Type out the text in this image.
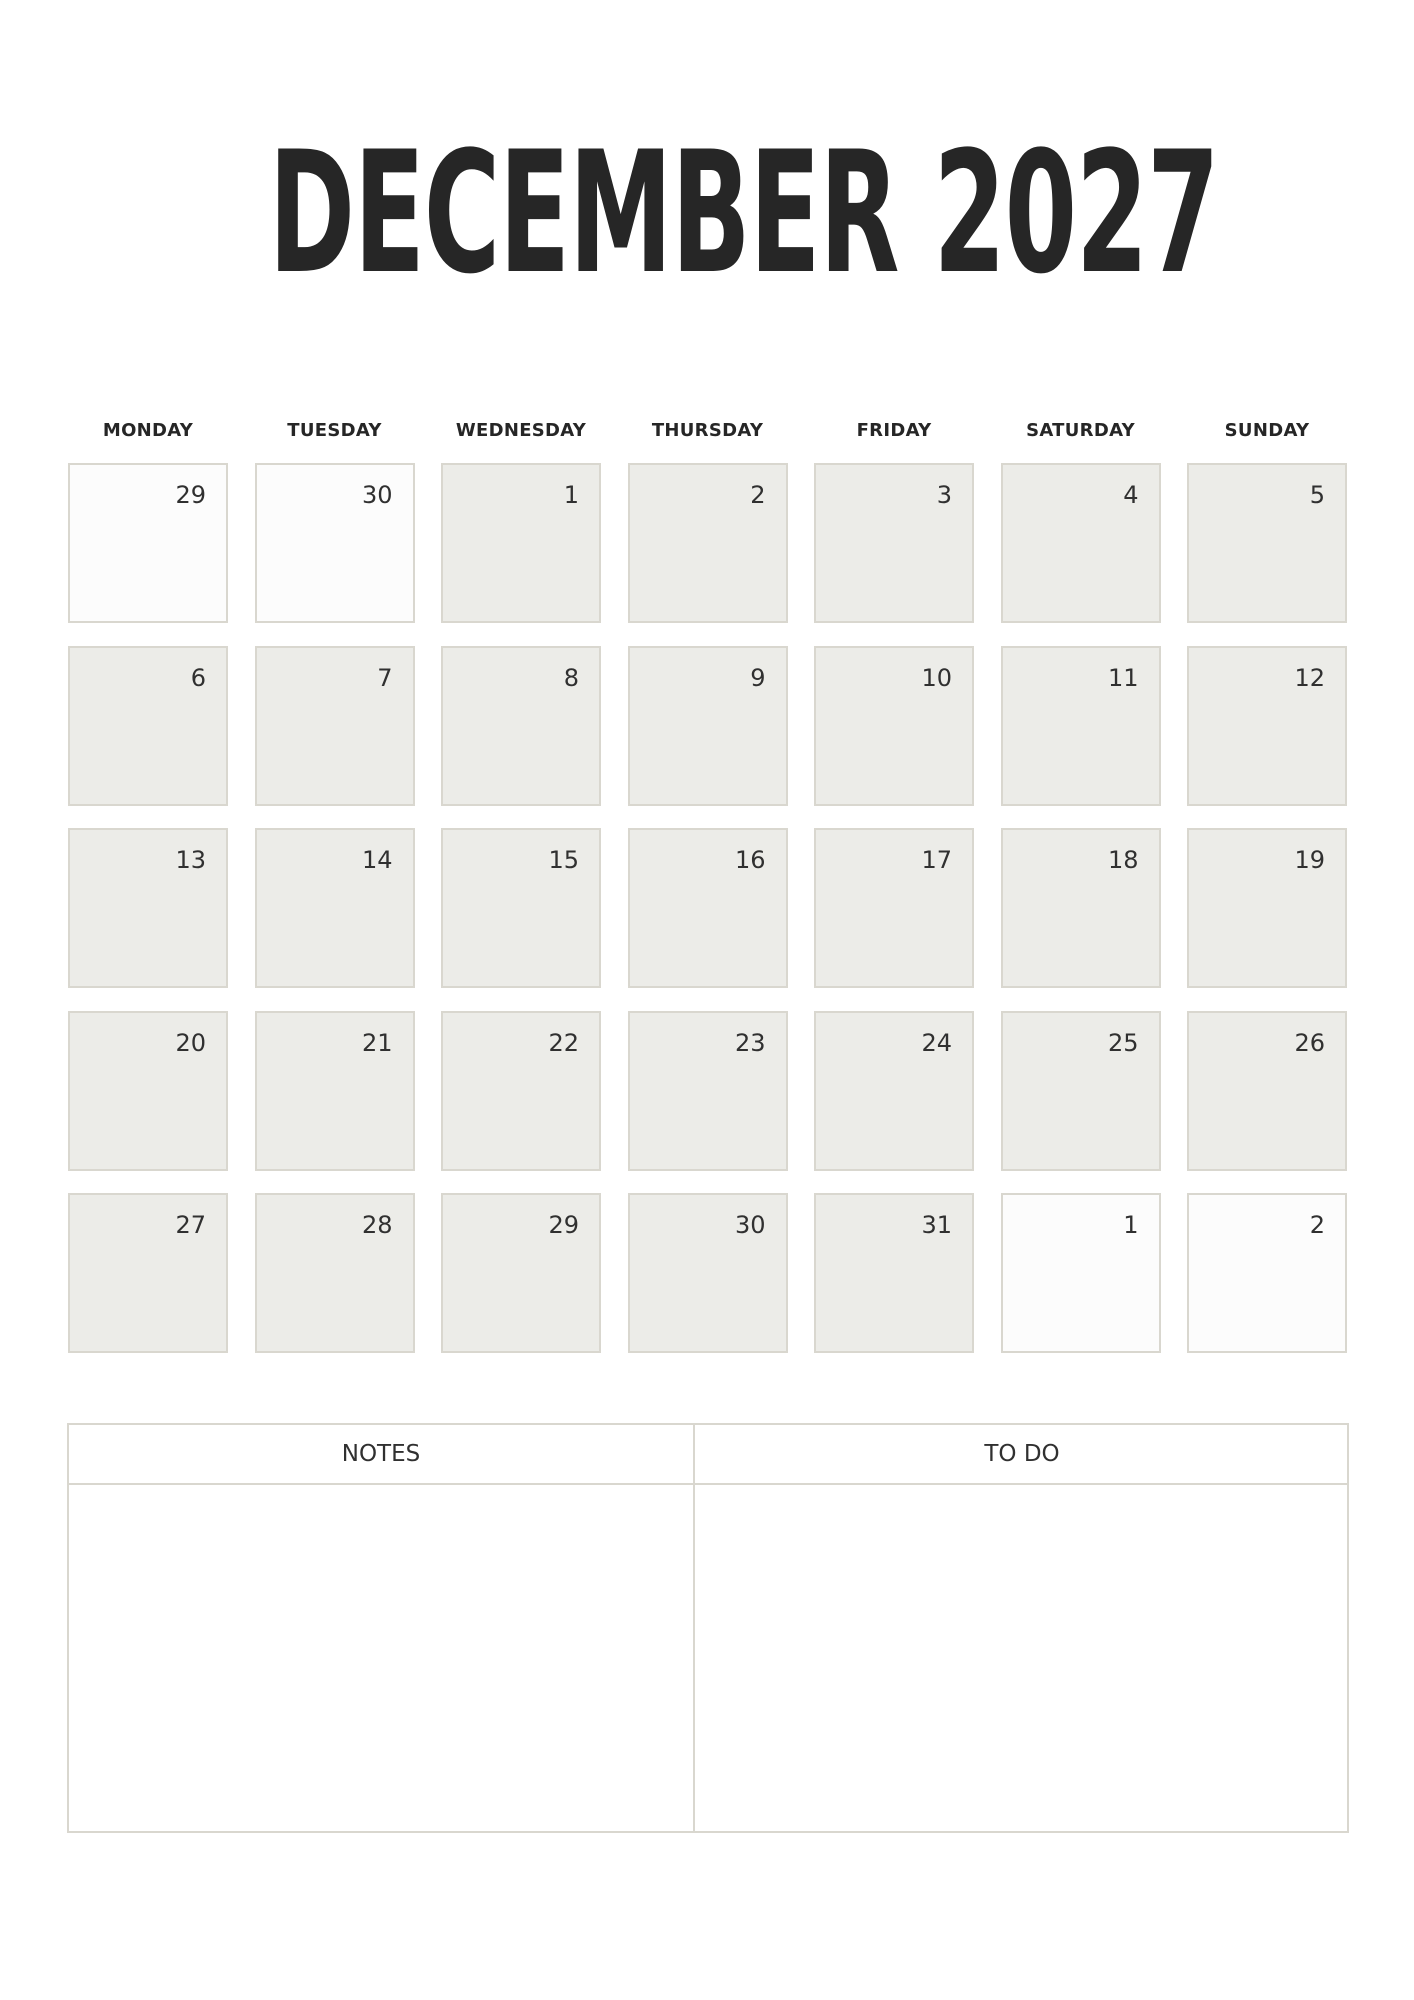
DECEMBER 2027
MONDAY	TUESDAY	WEDNESDAY	THURSDAY	FRIDAY	SATURDAY	SUNDAY
29	30	1	2	3	4	5
6	7	8	9	10	11	12
13	14	15	16	17	18	19
20	21	22	23	24	25	26
27	28	29	30	31	1	2
NOTES	TO DO
